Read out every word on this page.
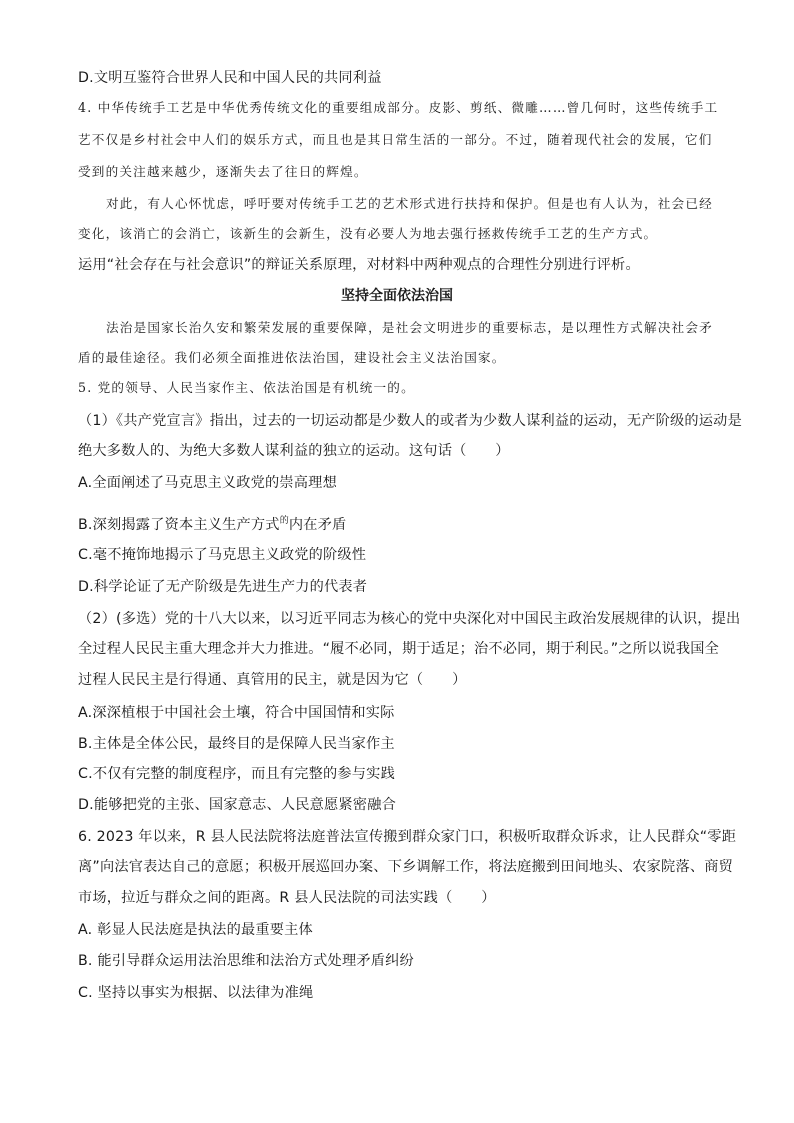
D.文明互鉴符合世界人民和中国人民的共同利益
4. 中华传统手工艺是中华优秀传统文化的重要组成部分。皮影、剪纸、微雕……曾几何时，这些传统手工
艺不仅是乡村社会中人们的娱乐方式，而且也是其日常生活的一部分。不过，随着现代社会的发展，它们
受到的关注越来越少，逐渐失去了往日的辉煌。
对此，有人心怀忧虑，呼吁要对传统手工艺的艺术形式进行扶持和保护。但是也有人认为，社会已经
变化，该消亡的会消亡，该新生的会新生，没有必要人为地去强行拯救传统手工艺的生产方式。
运用“社会存在与社会意识”的辩证关系原理，对材料中两种观点的合理性分别进行评析。
坚持全面依法治国
法治是国家长治久安和繁荣发展的重要保障，是社会文明进步的重要标志，是以理性方式解决社会矛
盾的最佳途径。我们必须全面推进依法治国，建设社会主义法治国家。
5. 党的领导、人民当家作主、依法治国是有机统一的。
（1）《共产党宣言》指出，过去的一切运动都是少数人的或者为少数人谋利益的运动，无产阶级的运动是
绝大多数人的、为绝大多数人谋利益的独立的运动。这句话（　　）
A.全面阐述了马克思主义政党的崇高理想
B.深刻揭露了资本主义生产方式$^的$内在矛盾
C.毫不掩饰地揭示了马克思主义政党的阶级性
D.科学论证了无产阶级是先进生产力的代表者
（2）(多选）党的十八大以来，以习近平同志为核心的党中央深化对中国民主政治发展规律的认识，提出
全过程人民民主重大理念并大力推进。“履不必同，期于适足；治不必同，期于利民。”之所以说我国全
过程人民民主是行得通、真管用的民主，就是因为它（　　）
A.深深植根于中国社会土壤，符合中国国情和实际
B.主体是全体公民，最终目的是保障人民当家作主
C.不仅有完整的制度程序，而且有完整的参与实践
D.能够把党的主张、国家意志、人民意愿紧密融合
6. 2023 年以来，R 县人民法院将法庭普法宣传搬到群众家门口，积极听取群众诉求，让人民群众“零距
离”向法官表达自己的意愿；积极开展巡回办案、下乡调解工作，将法庭搬到田间地头、农家院落、商贸
市场，拉近与群众之间的距离。R 县人民法院的司法实践（　　）
A. 彰显人民法庭是执法的最重要主体
B. 能引导群众运用法治思维和法治方式处理矛盾纠纷
C. 坚持以事实为根据、以法律为准绳
